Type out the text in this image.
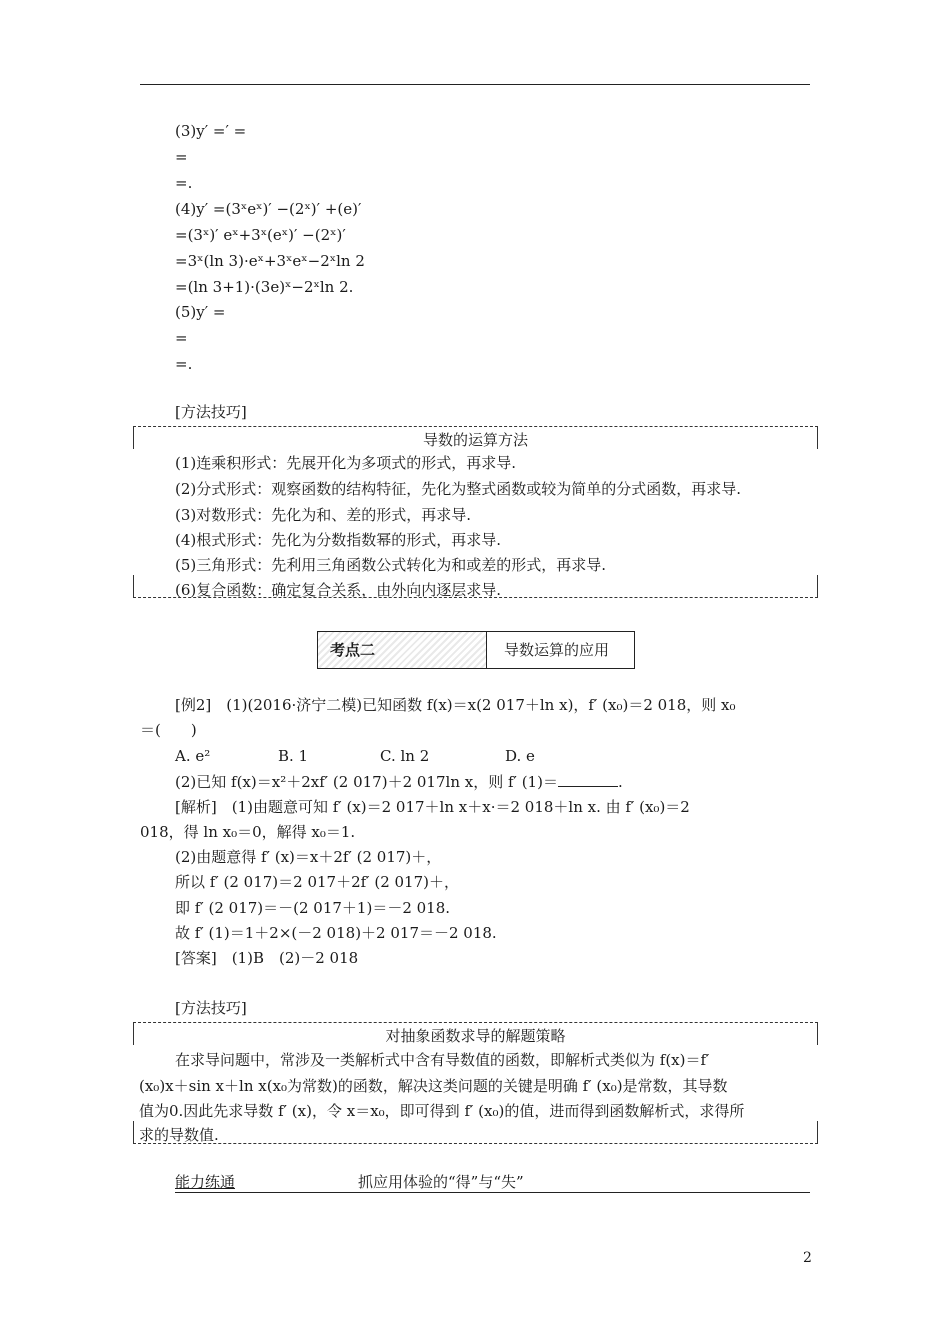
(3)y′ =′ =
=
=.
(4)y′ =(3ˣeˣ)′ −(2ˣ)′ +(e)′
=(3ˣ)′ eˣ+3ˣ(eˣ)′ −(2ˣ)′
=3ˣ(ln 3)·eˣ+3ˣeˣ−2ˣln 2
=(ln 3+1)·(3e)ˣ−2ˣln 2.
(5)y′ =
=
=.
[方法技巧]
导数的运算方法
(1)连乘积形式：先展开化为多项式的形式，再求导.
(2)分式形式：观察函数的结构特征，先化为整式函数或较为简单的分式函数，再求导.
(3)对数形式：先化为和、差的形式，再求导.
(4)根式形式：先化为分数指数幂的形式，再求导.
(5)三角形式：先利用三角函数公式转化为和或差的形式，再求导.
(6)复合函数：确定复合关系，由外向内逐层求导.
考点二	导数运算的应用
[例2]　(1)(2016·济宁二模)已知函数 f(x)＝x(2 017＋ln x)，f′ (x₀)＝2 018，则 x₀
＝(　　)
A. e²	B. 1	C. ln 2	D. e
(2)已知 f(x)＝x²＋2xf′ (2 017)＋2 017ln x，则 f′ (1)＝	.
[解析]　(1)由题意可知 f′ (x)＝2 017＋ln x＋x·＝2 018＋ln x. 由 f′ (x₀)＝2
018，得 ln x₀＝0，解得 x₀＝1.
(2)由题意得 f′ (x)＝x＋2f′ (2 017)＋，
所以 f′ (2 017)＝2 017＋2f′ (2 017)＋，
即 f′ (2 017)＝－(2 017＋1)＝－2 018.
故 f′ (1)＝1＋2×(－2 018)＋2 017＝－2 018.
[答案]　(1)B　(2)－2 018
[方法技巧]
对抽象函数求导的解题策略
在求导问题中，常涉及一类解析式中含有导数值的函数，即解析式类似为 f(x)＝f′
(x₀)x＋sin x＋ln x(x₀为常数)的函数，解决这类问题的关键是明确 f′ (x₀)是常数，其导数
值为0.因此先求导数 f′ (x)，令 x＝x₀，即可得到 f′ (x₀)的值，进而得到函数解析式，求得所
求的导数值.
能力练通	抓应用体验的“得”与“失”
2
